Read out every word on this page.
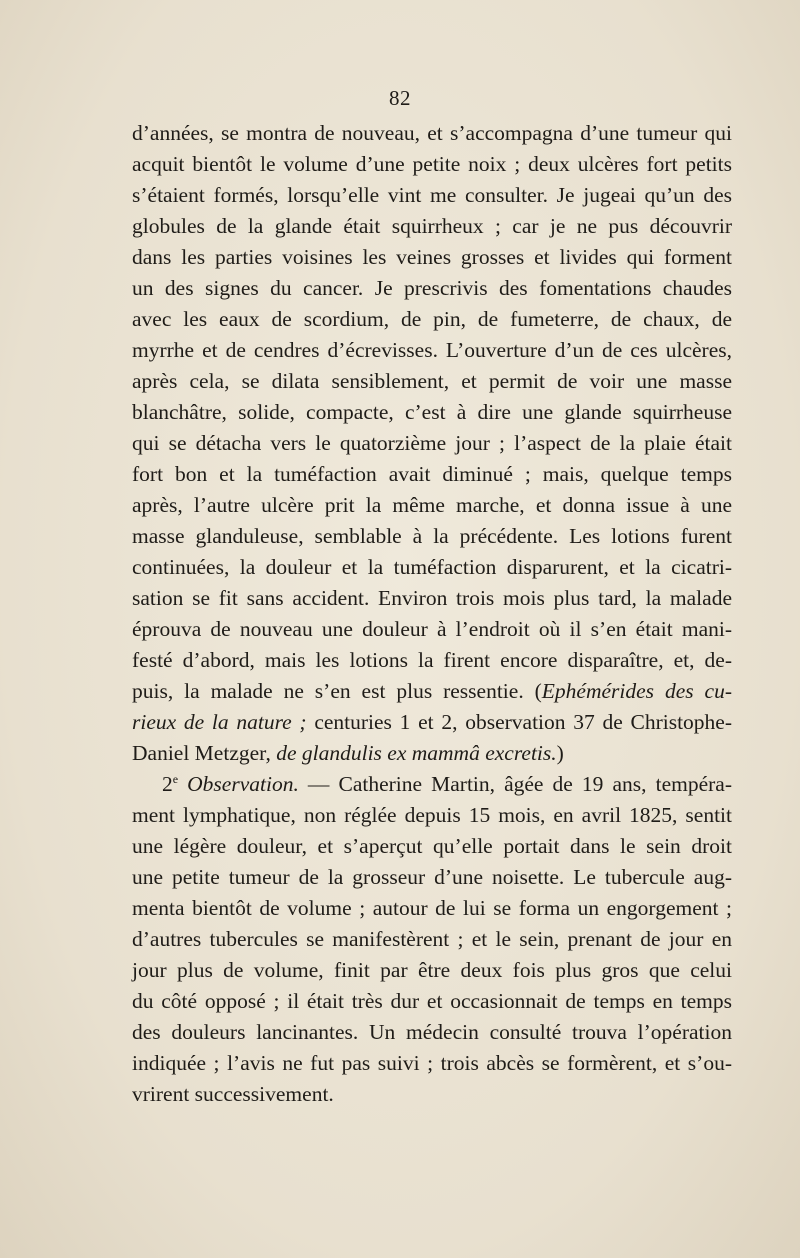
82
d’années, se montra de nouveau, et s’accompagna d’une tumeur qui
acquit bientôt le volume d’une petite noix ; deux ulcères fort petits
s’étaient formés, lorsqu’elle vint me consulter. Je jugeai qu’un des
globules de la glande était squirrheux ; car je ne pus découvrir
dans les parties voisines les veines grosses et livides qui forment
un des signes du cancer. Je prescrivis des fomentations chaudes
avec les eaux de scordium, de pin, de fumeterre, de chaux, de
myrrhe et de cendres d’écrevisses. L’ouverture d’un de ces ulcères,
après cela, se dilata sensiblement, et permit de voir une masse
blanchâtre, solide, compacte, c’est à dire une glande squirrheuse
qui se détacha vers le quatorzième jour ; l’aspect de la plaie était
fort bon et la tuméfaction avait diminué ; mais, quelque temps
après, l’autre ulcère prit la même marche, et donna issue à une
masse glanduleuse, semblable à la précédente. Les lotions furent
continuées, la douleur et la tuméfaction disparurent, et la cicatri-
sation se fit sans accident. Environ trois mois plus tard, la malade
éprouva de nouveau une douleur à l’endroit où il s’en était mani-
festé d’abord, mais les lotions la firent encore disparaître, et, de-
puis, la malade ne s’en est plus ressentie. (Ephémérides des cu-
rieux de la nature ; centuries 1 et 2, observation 37 de Christophe-
Daniel Metzger, de glandulis ex mammâ excretis.)
2e Observation. — Catherine Martin, âgée de 19 ans, tempéra-
ment lymphatique, non réglée depuis 15 mois, en avril 1825, sentit
une légère douleur, et s’aperçut qu’elle portait dans le sein droit
une petite tumeur de la grosseur d’une noisette. Le tubercule aug-
menta bientôt de volume ; autour de lui se forma un engorgement ;
d’autres tubercules se manifestèrent ; et le sein, prenant de jour en
jour plus de volume, finit par être deux fois plus gros que celui
du côté opposé ; il était très dur et occasionnait de temps en temps
des douleurs lancinantes. Un médecin consulté trouva l’opération
indiquée ; l’avis ne fut pas suivi ; trois abcès se formèrent, et s’ou-
vrirent successivement.
